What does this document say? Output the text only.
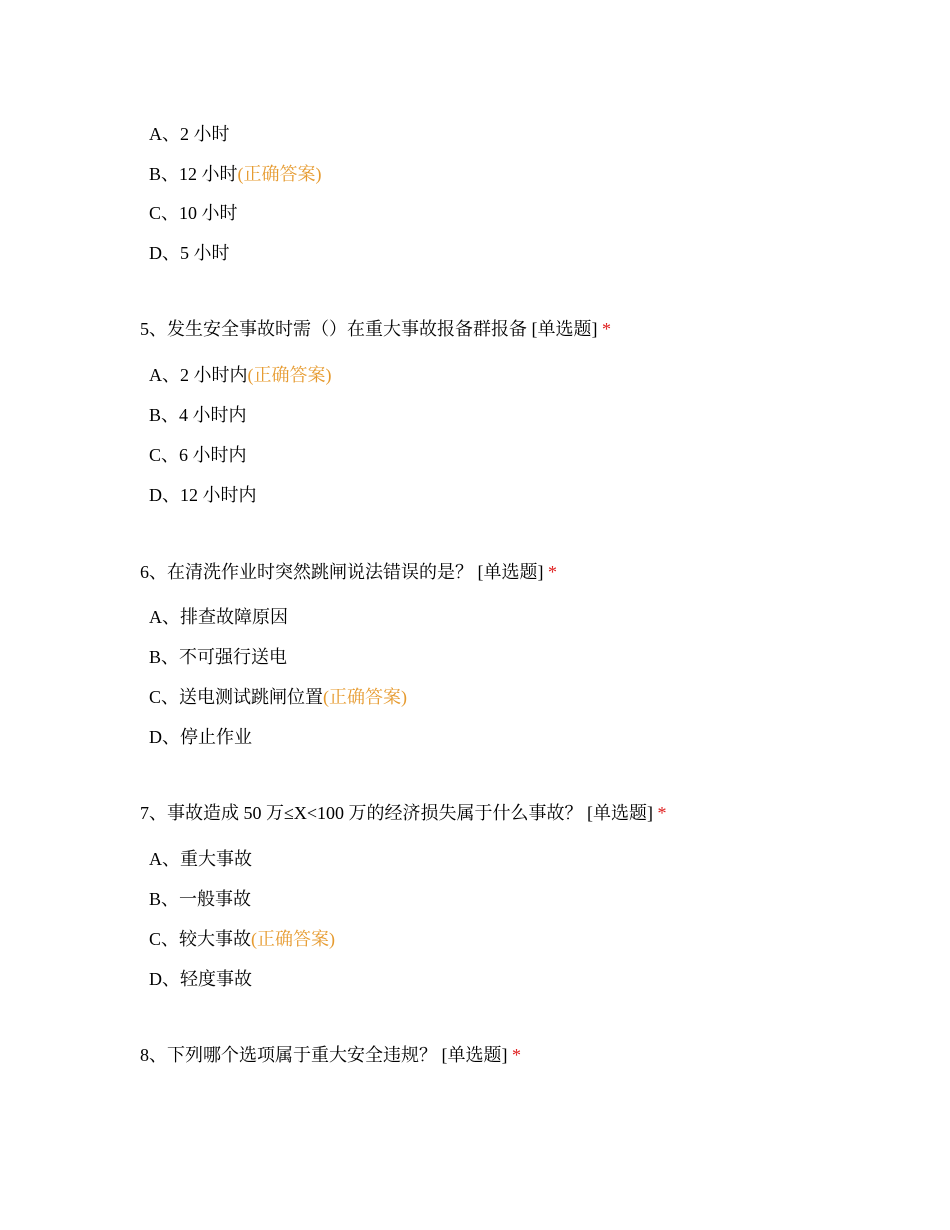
A、2 小时
B、12 小时(正确答案)
C、10 小时
D、5 小时
5、发生安全事故时需（）在重大事故报备群报备 [单选题] *
A、2 小时内(正确答案)
B、4 小时内
C、6 小时内
D、12 小时内
6、在清洗作业时突然跳闸说法错误的是？ [单选题] *
A、排查故障原因
B、不可强行送电
C、送电测试跳闸位置(正确答案)
D、停止作业
7、事故造成 50 万≤X<100 万的经济损失属于什么事故？ [单选题] *
A、重大事故
B、一般事故
C、较大事故(正确答案)
D、轻度事故
8、下列哪个选项属于重大安全违规？ [单选题] *
